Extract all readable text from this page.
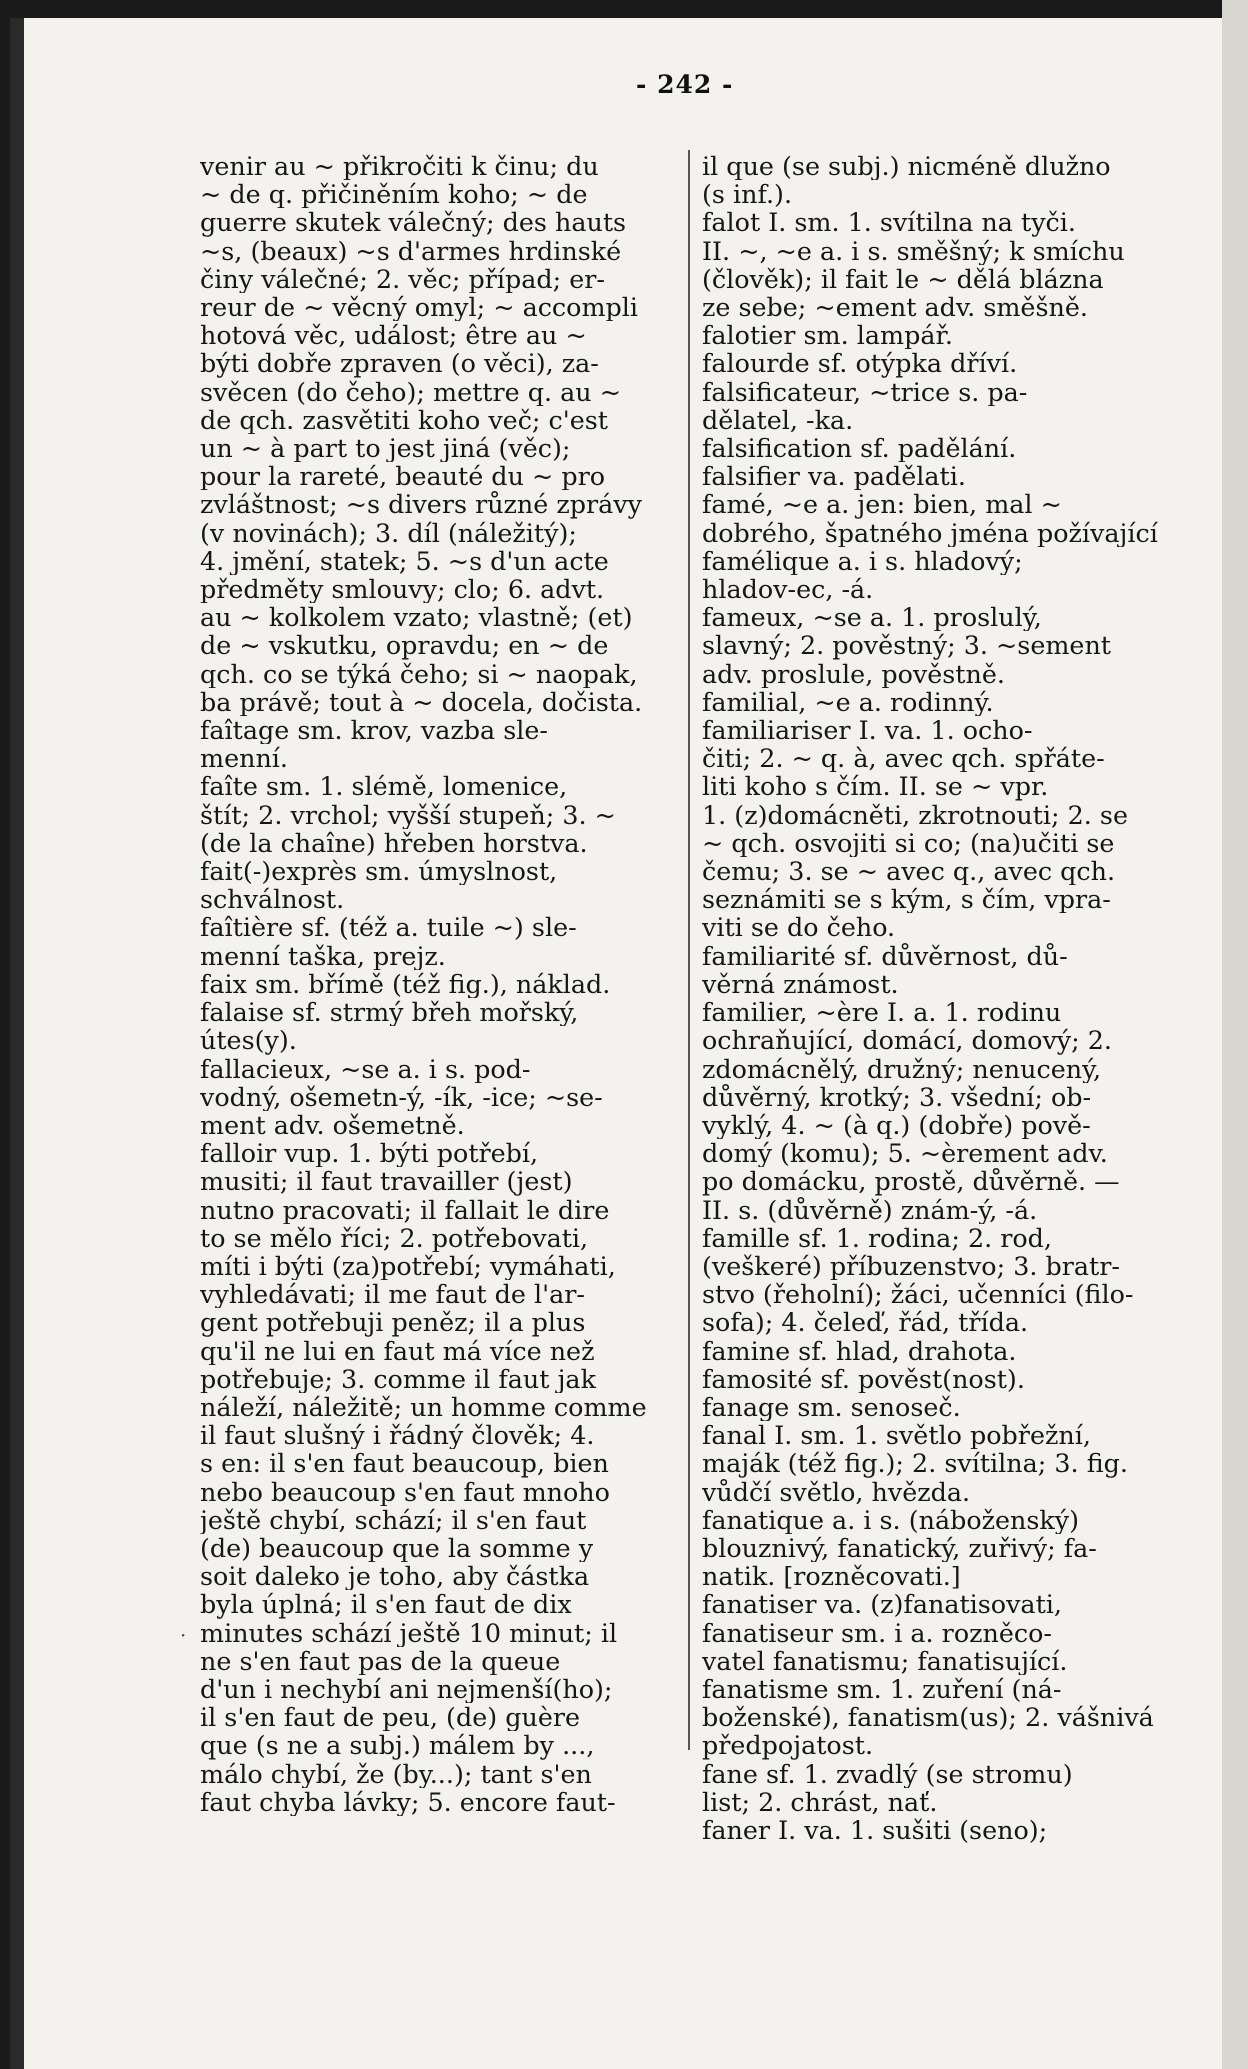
- 242 -
venir au ~ přikročiti k činu; du
~ de q. přičiněním koho; ~ de
guerre skutek válečný; des hauts
~s, (beaux) ~s d'armes hrdinské
činy válečné; 2. věc; případ; er-
reur de ~ věcný omyl; ~ accompli
hotová věc, událost; être au ~
býti dobře zpraven (o věci), za-
svěcen (do čeho); mettre q. au ~
de qch. zasvětiti koho več; c'est
un ~ à part to jest jiná (věc);
pour la rareté, beauté du ~ pro
zvláštnost; ~s divers různé zprávy
(v novinách); 3. díl (náležitý);
4. jmění, statek; 5. ~s d'un acte
předměty smlouvy; clo; 6. advt.
au ~ kolkolem vzato; vlastně; (et)
de ~ vskutku, opravdu; en ~ de
qch. co se týká čeho; si ~ naopak,
ba právě; tout à ~ docela, dočista.
faîtage sm. krov, vazba sle-
menní.
faîte sm. 1. slémě, lomenice,
štít; 2. vrchol; vyšší stupeň; 3. ~
(de la chaîne) hřeben horstva.
fait(-)exprès sm. úmyslnost,
schválnost.
faîtière sf. (též a. tuile ~) sle-
menní taška, prejz.
faix sm. břímě (též fig.), náklad.
falaise sf. strmý břeh mořský,
útes(y).
fallacieux, ~se a. i s. pod-
vodný, ošemetn-ý, -ík, -ice; ~se-
ment adv. ošemetně.
falloir vup. 1. býti potřebí,
musiti; il faut travailler (jest)
nutno pracovati; il fallait le dire
to se mělo říci; 2. potřebovati,
míti i býti (za)potřebí; vymáhati,
vyhledávati; il me faut de l'ar-
gent potřebuji peněz; il a plus
qu'il ne lui en faut má více než
potřebuje; 3. comme il faut jak
náleží, náležitě; un homme comme
il faut slušný i řádný člověk; 4.
s en: il s'en faut beaucoup, bien
nebo beaucoup s'en faut mnoho
ještě chybí, schází; il s'en faut
(de) beaucoup que la somme y
soit daleko je toho, aby částka
byla úplná; il s'en faut de dix
minutes schází ještě 10 minut; il
ne s'en faut pas de la queue
d'un i nechybí ani nejmenší(ho);
il s'en faut de peu, (de) guère
que (s ne a subj.) málem by ...,
málo chybí, že (by...); tant s'en
faut chyba lávky; 5. encore faut-
il que (se subj.) nicméně dlužno
(s inf.).
falot I. sm. 1. svítilna na tyči.
II. ~, ~e a. i s. směšný; k smíchu
(člověk); il fait le ~ dělá blázna
ze sebe; ~ement adv. směšně.
falotier sm. lampář.
falourde sf. otýpka dříví.
falsificateur, ~trice s. pa-
dělatel, -ka.
falsification sf. padělání.
falsifier va. padělati.
famé, ~e a. jen: bien, mal ~
dobrého, špatného jména požívající
famélique a. i s. hladový;
hladov-ec, -á.
fameux, ~se a. 1. proslulý,
slavný; 2. pověstný; 3. ~sement
adv. proslule, pověstně.
familial, ~e a. rodinný.
familiariser I. va. 1. ocho-
čiti; 2. ~ q. à, avec qch. spřáte-
liti koho s čím. II. se ~ vpr.
1. (z)domácněti, zkrotnouti; 2. se
~ qch. osvojiti si co; (na)učiti se
čemu; 3. se ~ avec q., avec qch.
seznámiti se s kým, s čím, vpra-
viti se do čeho.
familiarité sf. důvěrnost, dů-
věrná známost.
familier, ~ère I. a. 1. rodinu
ochraňující, domácí, domový; 2.
zdomácnělý, družný; nenucený,
důvěrný, krotký; 3. všední; ob-
vyklý, 4. ~ (à q.) (dobře) pově-
domý (komu); 5. ~èrement adv.
po domácku, prostě, důvěrně. —
II. s. (důvěrně) znám-ý, -á.
famille sf. 1. rodina; 2. rod,
(veškeré) příbuzenstvo; 3. bratr-
stvo (řeholní); žáci, učenníci (filo-
sofa); 4. čeleď, řád, třída.
famine sf. hlad, drahota.
famosité sf. pověst(nost).
fanage sm. senoseč.
fanal I. sm. 1. světlo pobřežní,
maják (též fig.); 2. svítilna; 3. fig.
vůdčí světlo, hvězda.
fanatique a. i s. (náboženský)
blouznivý, fanatický, zuřivý; fa-
natik. [rozněcovati.]
fanatiser va. (z)fanatisovati,
fanatiseur sm. i a. rozněco-
vatel fanatismu; fanatisující.
fanatisme sm. 1. zuření (ná-
boženské), fanatism(us); 2. vášnivá
předpojatost.
fane sf. 1. zvadlý (se stromu)
list; 2. chrást, nať.
faner I. va. 1. sušiti (seno);
·
